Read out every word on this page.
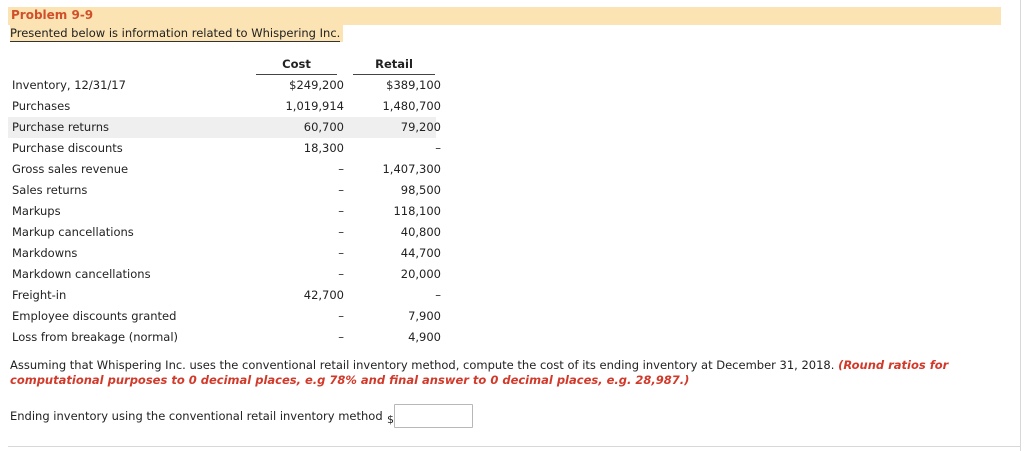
Problem 9-9
Presented below is information related to Whispering Inc.
Cost	Retail
Inventory, 12/31/17	$249,200	$389,100
Purchases	1,019,914	1,480,700
Purchase returns	60,700	79,200
Purchase discounts	18,300	–
Gross sales revenue	–	1,407,300
Sales returns	–	98,500
Markups	–	118,100
Markup cancellations	–	40,800
Markdowns	–	44,700
Markdown cancellations	–	20,000
Freight-in	42,700	–
Employee discounts granted	–	7,900
Loss from breakage (normal)	–	4,900
Assuming that Whispering Inc. uses the conventional retail inventory method, compute the cost of its ending inventory at December 31, 2018. (Round ratios for computational purposes to 0 decimal places, e.g 78% and final answer to 0 decimal places, e.g. 28,987.)
Ending inventory using the conventional retail inventory method $
